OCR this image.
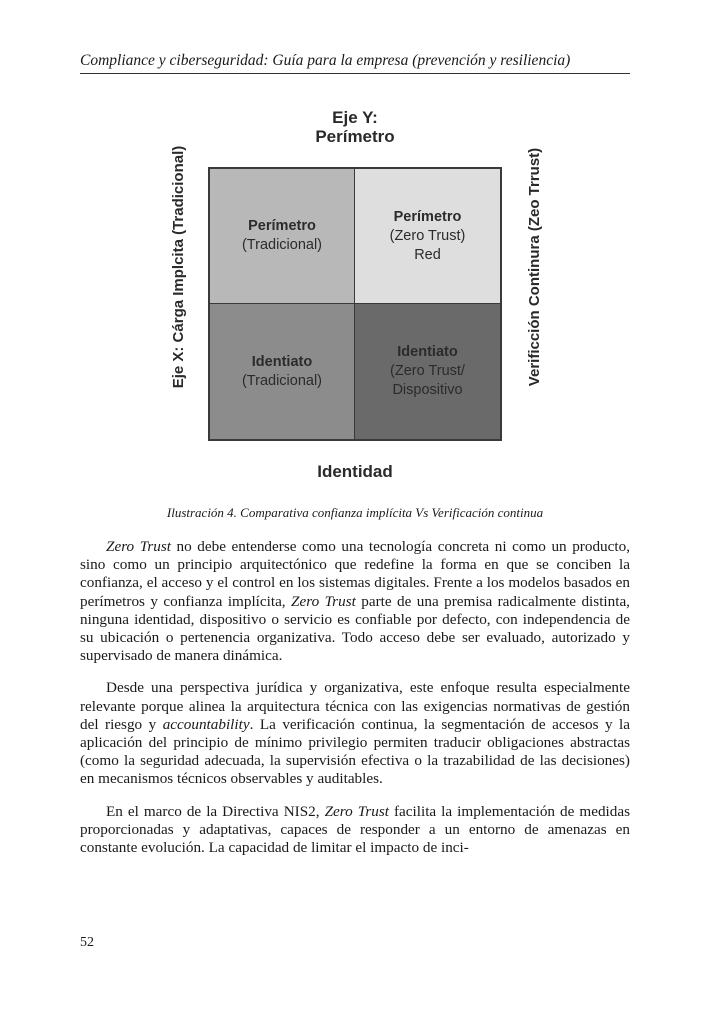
Compliance y ciberseguridad: Guía para la empresa (prevención y resiliencia)
Eje Y:
Perímetro
Eje X: Cárga Implcita (Tradicional)	Verificción Continura (Zeo Trrust)
Perímetro
(Tradicional)
Perímetro
(Zero Trust)
Red
Identiato
(Tradicional)
Identiato
(Zero Trust/
Dispositivo
Identidad
Ilustración 4. Comparativa confianza implícita Vs Verificación continua

Zero Trust no debe entenderse como una tecnología concreta ni como un producto, sino como un principio arquitectónico que redefine la forma en que se conciben la confianza, el acceso y el control en los sistemas digitales. Frente a los modelos basados en perímetros y confianza implícita, Zero Trust parte de una premisa radicalmente distinta, ninguna identidad, dispositivo o servicio es confiable por defecto, con independencia de su ubicación o pertenencia organizativa. Todo acceso debe ser evaluado, autorizado y supervisado de manera dinámica.

Desde una perspectiva jurídica y organizativa, este enfoque resulta especialmente relevante porque alinea la arquitectura técnica con las exigencias normativas de gestión del riesgo y accountability. La verificación continua, la segmentación de accesos y la aplicación del principio de mínimo privilegio permiten traducir obligaciones abstractas (como la seguridad adecuada, la supervisión efectiva o la trazabilidad de las decisiones) en mecanismos técnicos observables y auditables.

En el marco de la Directiva NIS2, Zero Trust facilita la implementación de medidas proporcionadas y adaptativas, capaces de responder a un entorno de amenazas en constante evolución. La capacidad de limitar el impacto de inci-

52
